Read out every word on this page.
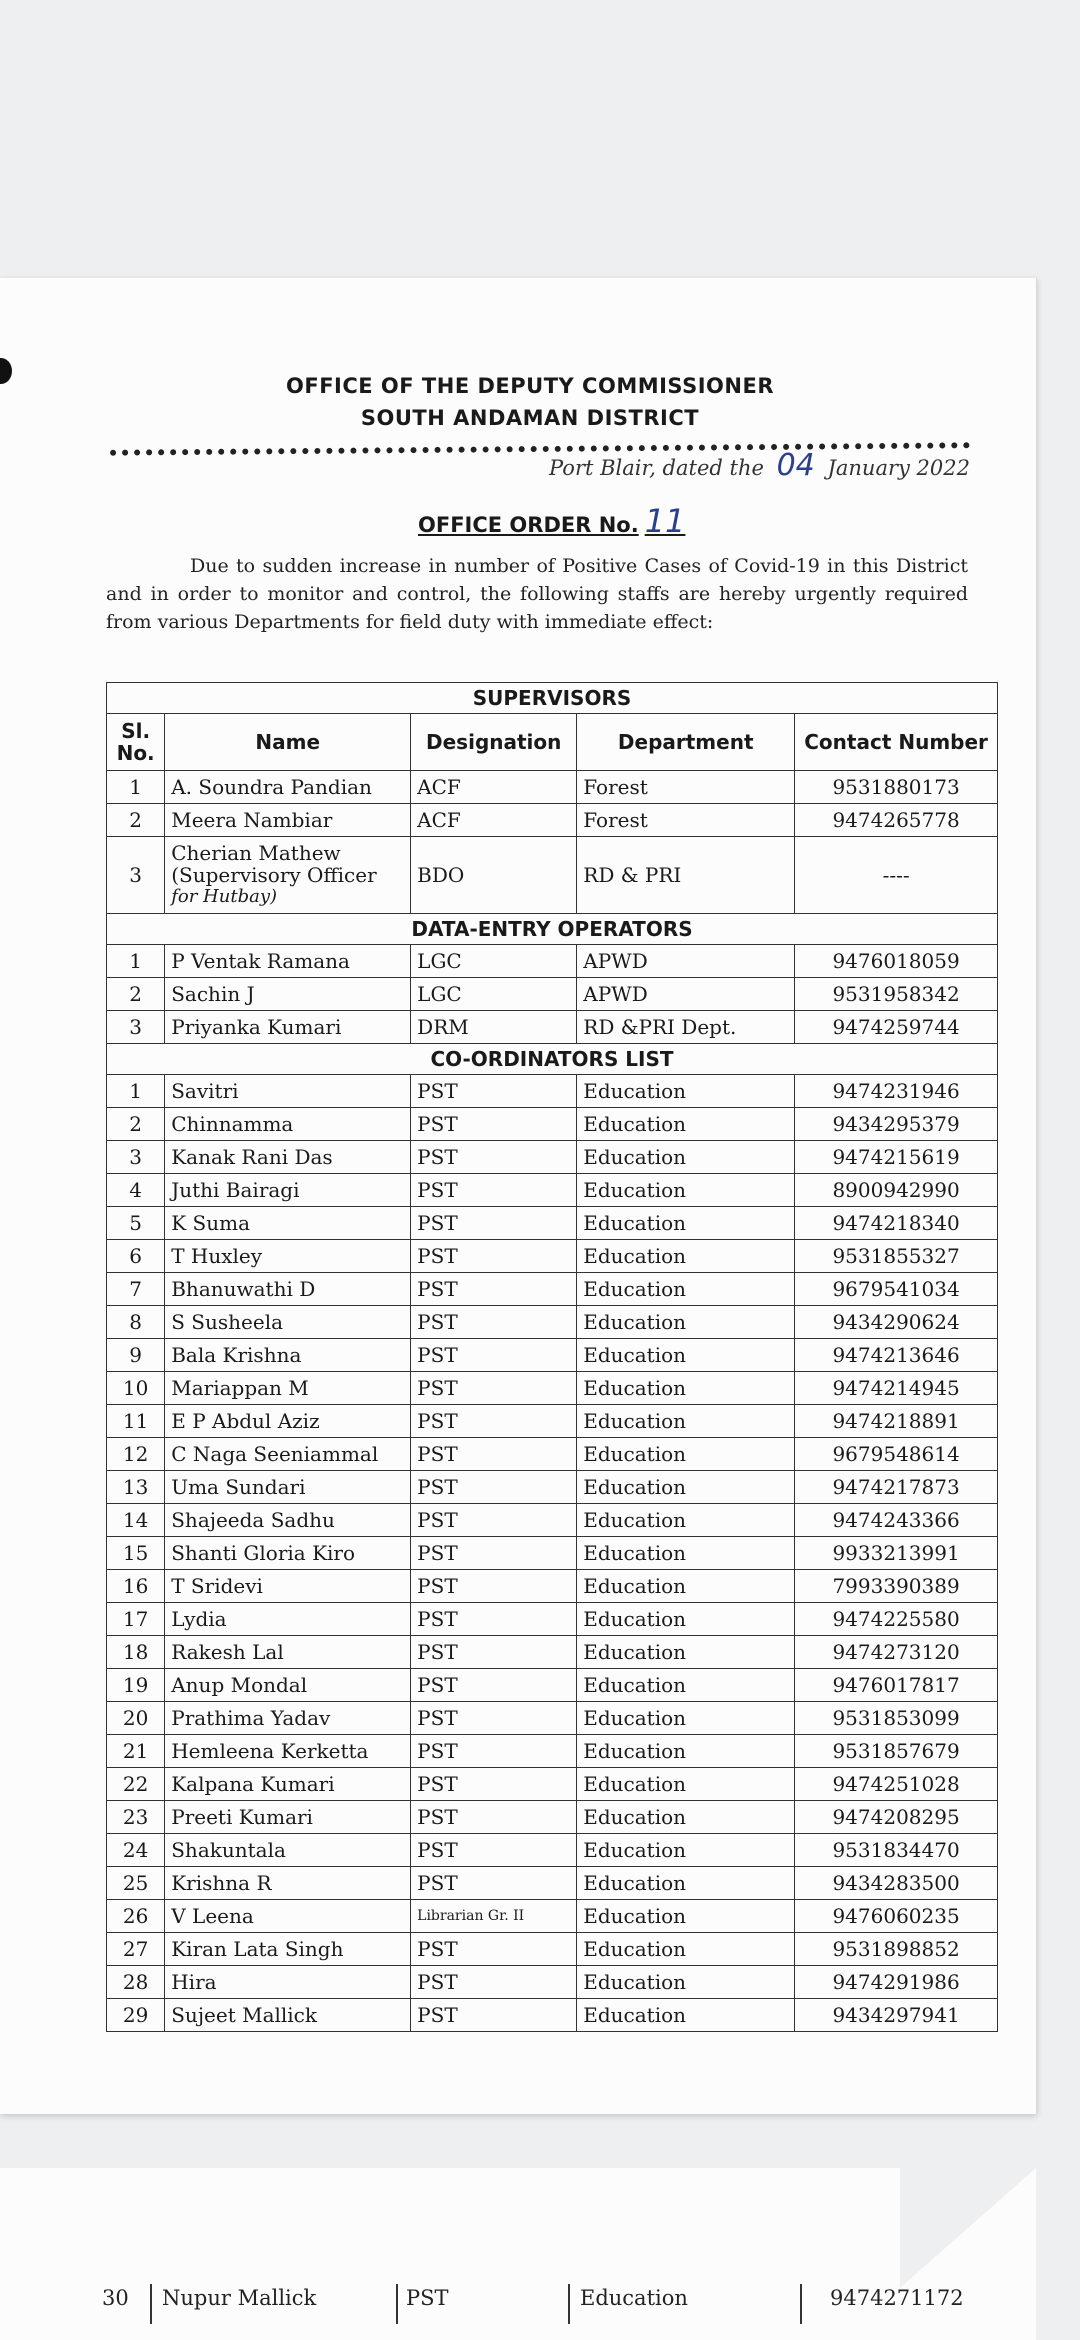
OFFICE OF THE DEPUTY COMMISSIONER
SOUTH ANDAMAN DISTRICT
Port Blair, dated the 04 January 2022
OFFICE ORDER No. 11
Due to sudden increase in number of Positive Cases of Covid-19 in this District and in order to monitor and control, the following staffs are hereby urgently required from various Departments for field duty with immediate effect:
SUPERVISORS				
Sl. No.	Name	Designation	Department	Contact Number
1	A. Soundra Pandian	ACF	Forest	9531880173
2	Meera Nambiar	ACF	Forest	9474265778
3	Cherian Mathew
(Supervisory Officer
for Hutbay)	BDO	RD & PRI	----
DATA-ENTRY OPERATORS				
1	P Ventak Ramana	LGC	APWD	9476018059
2	Sachin J	LGC	APWD	9531958342
3	Priyanka Kumari	DRM	RD &PRI Dept.	9474259744
CO-ORDINATORS LIST				
1	Savitri	PST	Education	9474231946
2	Chinnamma	PST	Education	9434295379
3	Kanak Rani Das	PST	Education	9474215619
4	Juthi Bairagi	PST	Education	8900942990
5	K Suma	PST	Education	9474218340
6	T Huxley	PST	Education	9531855327
7	Bhanuwathi D	PST	Education	9679541034
8	S Susheela	PST	Education	9434290624
9	Bala Krishna	PST	Education	9474213646
10	Mariappan M	PST	Education	9474214945
11	E P Abdul Aziz	PST	Education	9474218891
12	C Naga Seeniammal	PST	Education	9679548614
13	Uma Sundari	PST	Education	9474217873
14	Shajeeda Sadhu	PST	Education	9474243366
15	Shanti Gloria Kiro	PST	Education	9933213991
16	T Sridevi	PST	Education	7993390389
17	Lydia	PST	Education	9474225580
18	Rakesh Lal	PST	Education	9474273120
19	Anup Mondal	PST	Education	9476017817
20	Prathima Yadav	PST	Education	9531853099
21	Hemleena Kerketta	PST	Education	9531857679
22	Kalpana Kumari	PST	Education	9474251028
23	Preeti Kumari	PST	Education	9474208295
24	Shakuntala	PST	Education	9531834470
25	Krishna R	PST	Education	9434283500
26	V Leena	Librarian Gr. II	Education	9476060235
27	Kiran Lata Singh	PST	Education	9531898852
28	Hira	PST	Education	9474291986
29	Sujeet Mallick	PST	Education	9434297941
30 Nupur Mallick	PST	Education	9474271172
